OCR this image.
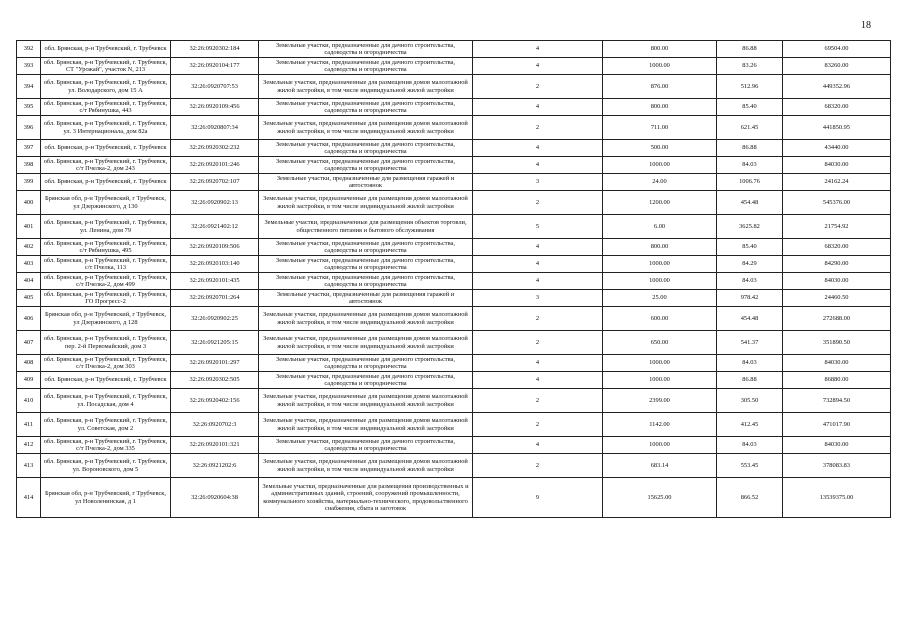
18
392	обл. Брянская, р-н Трубчевский, г. Трубчевск	32:26:0920302:184	Земельные участки, предназначенные для дачного строительства, садоводства и огородничества	4	800.00	86.88	69504.00
393	обл. Брянская, р-н Трубчевский, г. Трубчевск, СТ "Урожай", участок N, 213	32:26:0920104:177	Земельные участки, предназначенные для дачного строительства, садоводства и огородничества	4	1000.00	83.26	83260.00
394	обл. Брянская, р-н Трубчевский, г. Трубчевск, ул. Володарского, дом 15 А	32:26:0920707:53	Земельные участки, предназначенные для размещения домов малоэтажной жилой застройки, в том числе индивидуальной жилой застройки	2	876.00	512.96	449352.96
395	обл. Брянская, р-н Трубчевский, г. Трубчевск, с/т Рябинушка, 443	32:26:0920109:456	Земельные участки, предназначенные для дачного строительства, садоводства и огородничества	4	800.00	85.40	68320.00
396	обл. Брянская, р-н Трубчевский, г. Трубчевск, ул. 3 Интернационала, дом 82а	32:26:0920807:34	Земельные участки, предназначенные для размещения домов малоэтажной жилой застройки, в том числе индивидуальной жилой застройки	2	711.00	621.45	441850.95
397	обл. Брянская, р-н Трубчевский, г. Трубчевск	32:26:0920302:232	Земельные участки, предназначенные для дачного строительства, садоводства и огородничества	4	500.00	86.88	43440.00
398	обл. Брянская, р-н Трубчевский, г. Трубчевск, с/т Пчелка-2, дом 243	32:26:0920101:246	Земельные участки, предназначенные для дачного строительства, садоводства и огородничества	4	1000.00	84.03	84030.00
399	обл. Брянская, р-н Трубчевский, г. Трубчевск	32:26:0920702:107	Земельные участки, предназначенные для размещения гаражей и автостоянок	3	24.00	1006.76	24162.24
400	Брянская обл, р-н Трубчевский, г Трубчевск, ул Дзержинского, д 130	32:26:0920902:13	Земельные участки, предназначенные для размещения домов малоэтажной жилой застройки, в том числе индивидуальной жилой застройки	2	1200.00	454.48	545376.00
401	обл. Брянская, р-н Трубчевский, г. Трубчевск, ул. Ленина, дом 79	32:26:0921402:12	Земельные участки, предназначенные для размещения объектов торговли, общественного питания и бытового обслуживания	5	6.00	3625.82	21754.92
402	обл. Брянская, р-н Трубчевский, г. Трубчевск, с/т Рябинушка, 495	32:26:0920109:506	Земельные участки, предназначенные для дачного строительства, садоводства и огородничества	4	800.00	85.40	68320.00
403	обл. Брянская, р-н Трубчевский, г. Трубчевск, с/т Пчелка, 113	32:26:0920103:140	Земельные участки, предназначенные для дачного строительства, садоводства и огородничества	4	1000.00	84.29	84290.00
404	обл. Брянская, р-н Трубчевский, г. Трубчевск, с/т Пчелка-2, дом 499	32:26:0920101:435	Земельные участки, предназначенные для дачного строительства, садоводства и огородничества	4	1000.00	84.03	84030.00
405	обл. Брянская, р-н Трубчевский, г. Трубчевск, ГО Прогресс-2	32:26:0920701:264	Земельные участки, предназначенные для размещения гаражей и автостоянок	3	25.00	978.42	24460.50
406	Брянская обл, р-н Трубчевский, г Трубчевск, ул Дзержинского, д 128	32:26:0920902:25	Земельные участки, предназначенные для размещения домов малоэтажной жилой застройки, в том числе индивидуальной жилой застройки	2	600.00	454.48	272688.00
407	обл. Брянская, р-н Трубчевский, г. Трубчевск, пер. 2-й Первомайский, дом 3	32:26:0921205:15	Земельные участки, предназначенные для размещения домов малоэтажной жилой застройки, в том числе индивидуальной жилой застройки	2	650.00	541.37	351890.50
408	обл. Брянская, р-н Трубчевский, г. Трубчевск, с/т Пчелка-2, дом 303	32:26:0920101:297	Земельные участки, предназначенные для дачного строительства, садоводства и огородничества	4	1000.00	84.03	84030.00
409	обл. Брянская, р-н Трубчевский, г. Трубчевск	32:26:0920302:505	Земельные участки, предназначенные для дачного строительства, садоводства и огородничества	4	1000.00	86.88	86880.00
410	обл. Брянская, р-н Трубчевский, г. Трубчевск, ул. Посадская, дом 4	32:26:0920402:156	Земельные участки, предназначенные для размещения домов малоэтажной жилой застройки, в том числе индивидуальной жилой застройки	2	2399.00	305.50	732894.50
411	обл. Брянская, р-н Трубчевский, г. Трубчевск, ул. Советская, дом 2	32:26:0920702:3	Земельные участки, предназначенные для размещения домов малоэтажной жилой застройки, в том числе индивидуальной жилой застройки	2	1142.00	412.45	471017.90
412	обл. Брянская, р-н Трубчевский, г. Трубчевск, с/т Пчелка-2, дом 335	32:26:0920101:321	Земельные участки, предназначенные для дачного строительства, садоводства и огородничества	4	1000.00	84.03	84030.00
413	обл. Брянская, р-н Трубчевский, г. Трубчевск, ул. Вороновского, дом 5	32:26:0921202:6	Земельные участки, предназначенные для размещения домов малоэтажной жилой застройки, в том числе индивидуальной жилой застройки	2	683.14	553.45	378083.83
414	Брянская обл, р-н Трубчевский, г Трубчевск, ул Новоленинская, д 1	32:26:0920604:38	Земельные участки, предназначенные для размещения производственных и административных зданий, строений, сооружений промышленности, коммунального хозяйства, материально-технического, продовольственного снабжения, сбыта и заготовок	9	15625.00	866.52	13539375.00
